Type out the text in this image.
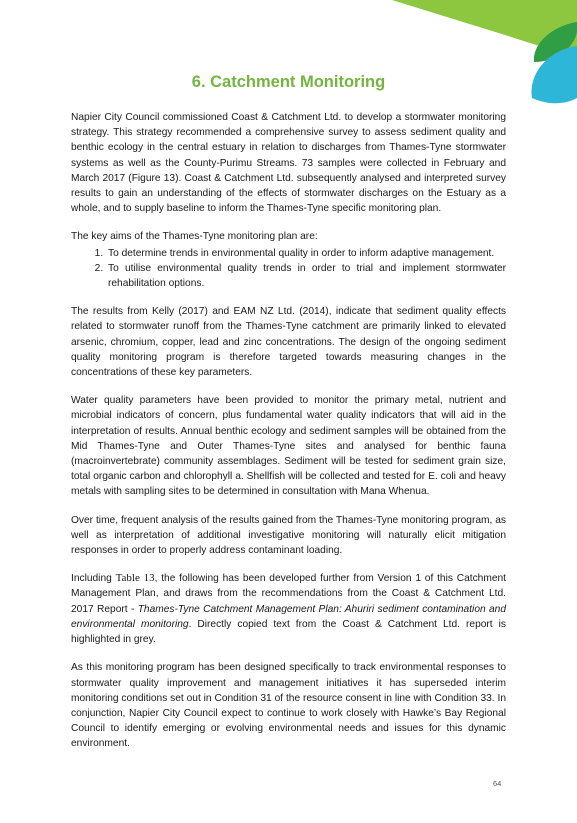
6. Catchment Monitoring

Napier City Council commissioned Coast & Catchment Ltd. to develop a stormwater monitoring strategy. This strategy recommended a comprehensive survey to assess sediment quality and benthic ecology in the central estuary in relation to discharges from Thames-Tyne stormwater systems as well as the County-Purimu Streams. 73 samples were collected in February and March 2017 (Figure 13). Coast & Catchment Ltd. subsequently analysed and interpreted survey results to gain an understanding of the effects of stormwater discharges on the Estuary as a whole, and to supply baseline to inform the Thames-Tyne specific monitoring plan.

The key aims of the Thames-Tyne monitoring plan are:

1. To determine trends in environmental quality in order to inform adaptive management.
2. To utilise environmental quality trends in order to trial and implement stormwater rehabilitation options.

The results from Kelly (2017) and EAM NZ Ltd. (2014), indicate that sediment quality effects related to stormwater runoff from the Thames-Tyne catchment are primarily linked to elevated arsenic, chromium, copper, lead and zinc concentrations. The design of the ongoing sediment quality monitoring program is therefore targeted towards measuring changes in the concentrations of these key parameters.

Water quality parameters have been provided to monitor the primary metal, nutrient and microbial indicators of concern, plus fundamental water quality indicators that will aid in the interpretation of results. Annual benthic ecology and sediment samples will be obtained from the Mid Thames-Tyne and Outer Thames-Tyne sites and analysed for benthic fauna (macroinvertebrate) community assemblages. Sediment will be tested for sediment grain size, total organic carbon and chlorophyll a. Shellfish will be collected and tested for E. coli and heavy metals with sampling sites to be determined in consultation with Mana Whenua.

Over time, frequent analysis of the results gained from the Thames-Tyne monitoring program, as well as interpretation of additional investigative monitoring will naturally elicit mitigation responses in order to properly address contaminant loading.

Including Table 13, the following has been developed further from Version 1 of this Catchment Management Plan, and draws from the recommendations from the Coast & Catchment Ltd. 2017 Report - Thames-Tyne Catchment Management Plan: Ahuriri sediment contamination and environmental monitoring. Directly copied text from the Coast & Catchment Ltd. report is highlighted in grey.

As this monitoring program has been designed specifically to track environmental responses to stormwater quality improvement and management initiatives it has superseded interim monitoring conditions set out in Condition 31 of the resource consent in line with Condition 33. In conjunction, Napier City Council expect to continue to work closely with Hawke’s Bay Regional Council to identify emerging or evolving environmental needs and issues for this dynamic environment.

64
